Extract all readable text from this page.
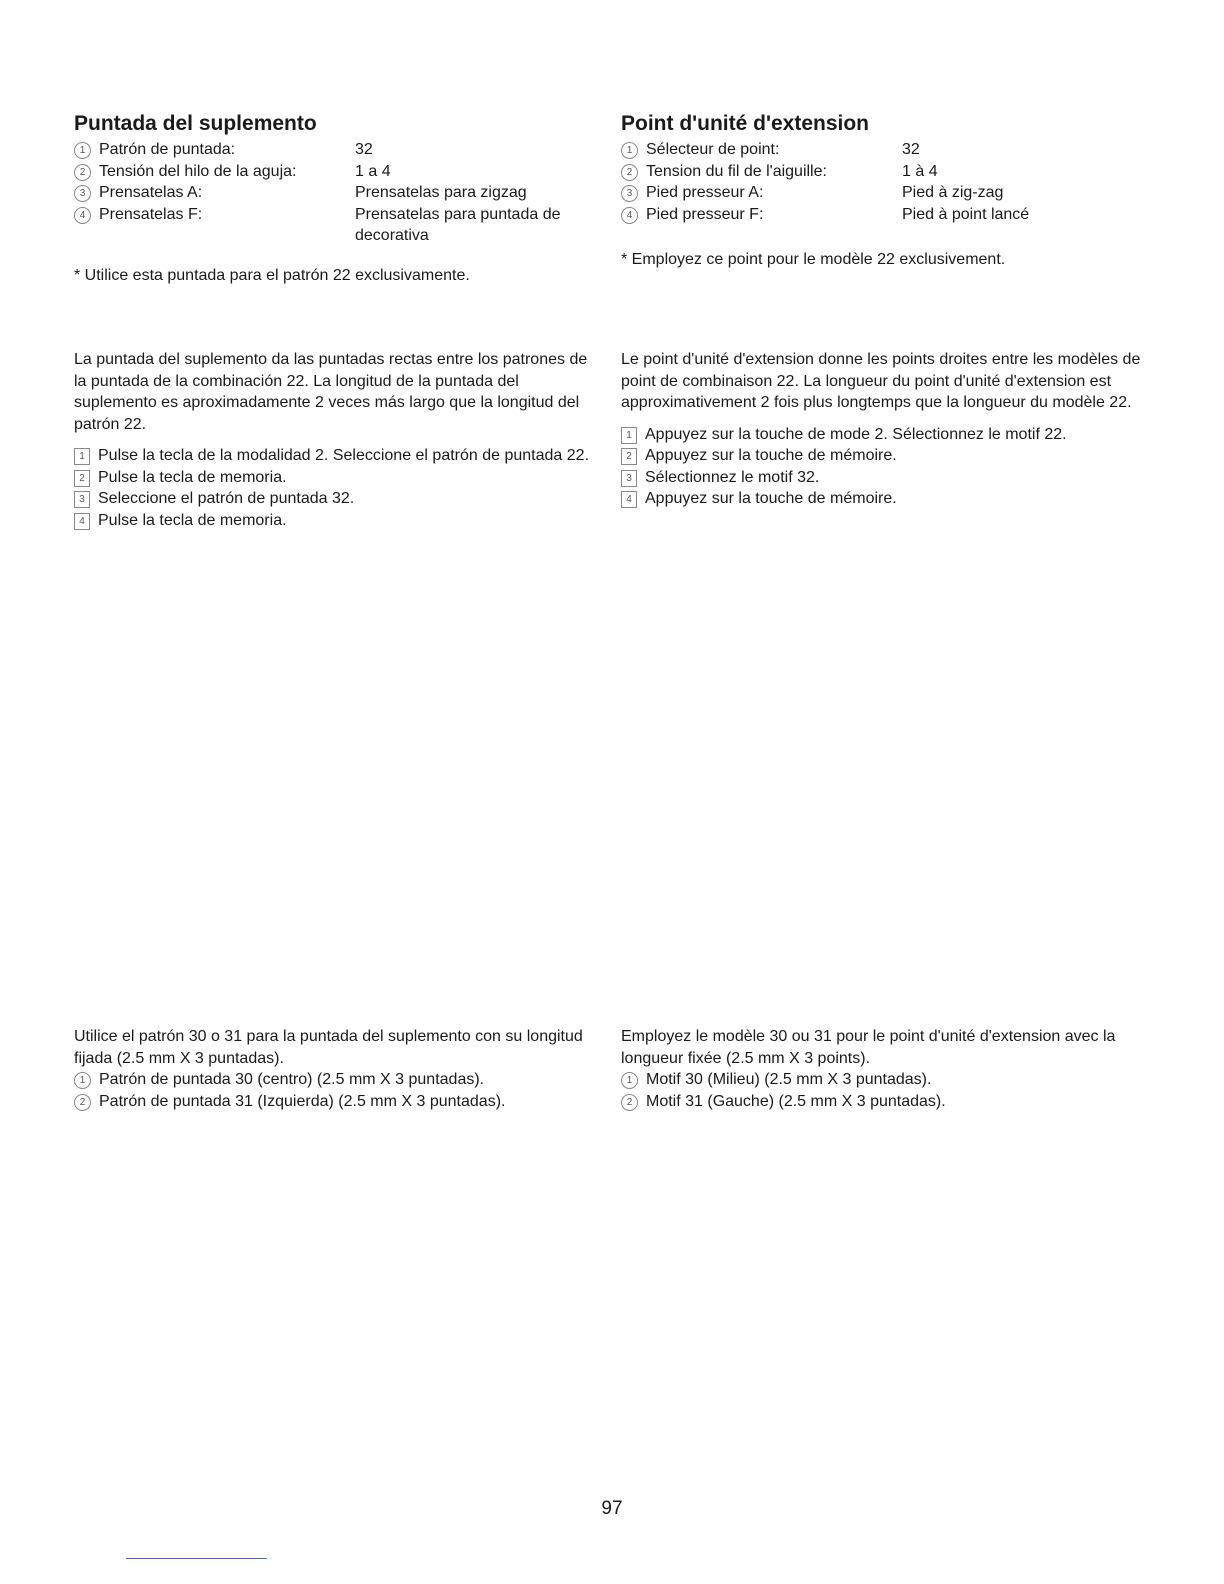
Puntada del suplemento
1 Patrón de puntada:	32
2 Tensión del hilo de la aguja:	1 a 4
3 Prensatelas A:	Prensatelas para zigzag
4 Prensatelas F:	Prensatelas para puntada de decorativa
* Utilice esta puntada para el patrón 22 exclusivamente.

La puntada del suplemento da las puntadas rectas entre los patrones de la puntada de la combinación 22. La longitud de la puntada del suplemento es aproximadamente 2 veces más largo que la longitud del patrón 22.

1 Pulse la tecla de la modalidad 2. Seleccione el patrón de puntada 22.
2 Pulse la tecla de memoria.
3 Seleccione el patrón de puntada 32.
4 Pulse la tecla de memoria.

Utilice el patrón 30 o 31 para la puntada del suplemento con su longitud fijada (2.5 mm X 3 puntadas).

1 Patrón de puntada 30 (centro) (2.5 mm X 3 puntadas).
2 Patrón de puntada 31 (Izquierda) (2.5 mm X 3 puntadas).
Point d'unité d'extension
1 Sélecteur de point:	32
2 Tension du fil de l'aiguille:	1 à 4
3 Pied presseur A:	Pied à zig-zag
4 Pied presseur F:	Pied à point lancé
* Employez ce point pour le modèle 22 exclusivement.

Le point d'unité d'extension donne les points droites entre les modèles de point de combinaison 22. La longueur du point d'unité d'extension est approximativement 2 fois plus longtemps que la longueur du modèle 22.

1 Appuyez sur la touche de mode 2. Sélectionnez le motif 22.
2 Appuyez sur la touche de mémoire.
3 Sélectionnez le motif 32.
4 Appuyez sur la touche de mémoire.

Employez le modèle 30 ou 31 pour le point d'unité d'extension avec la longueur fixée (2.5 mm X 3 points).

1 Motif 30 (Milieu) (2.5 mm X 3 puntadas).
2 Motif 31 (Gauche) (2.5 mm X 3 puntadas).
97
